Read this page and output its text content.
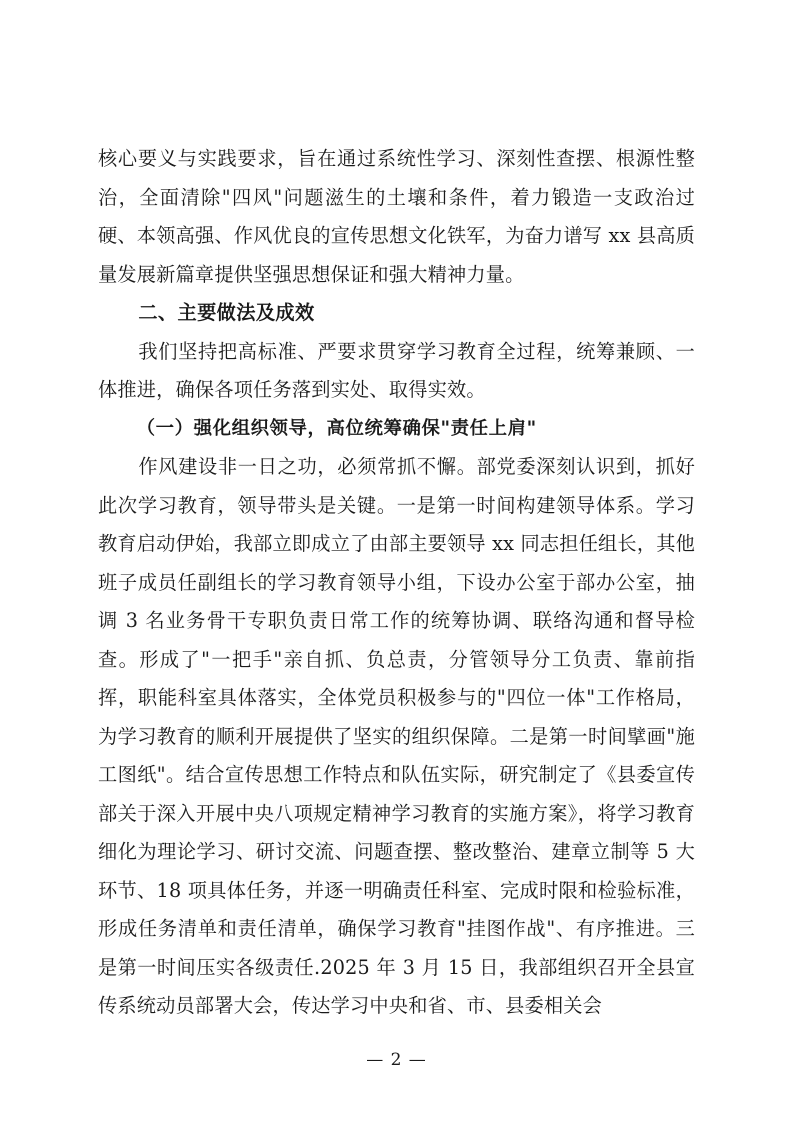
核心要义与实践要求，旨在通过系统性学习、深刻性查摆、根源性整治，全面清除"四风"问题滋生的土壤和条件，着力锻造一支政治过硬、本领高强、作风优良的宣传思想文化铁军，为奋力谱写 xx 县高质量发展新篇章提供坚强思想保证和强大精神力量。

二、主要做法及成效

我们坚持把高标准、严要求贯穿学习教育全过程，统筹兼顾、一体推进，确保各项任务落到实处、取得实效。

（一）强化组织领导，高位统筹确保"责任上肩"

作风建设非一日之功，必须常抓不懈。部党委深刻认识到，抓好此次学习教育，领导带头是关键。一是第一时间构建领导体系。学习教育启动伊始，我部立即成立了由部主要领导 xx 同志担任组长，其他班子成员任副组长的学习教育领导小组，下设办公室于部办公室，抽调 3 名业务骨干专职负责日常工作的统筹协调、联络沟通和督导检查。形成了"一把手"亲自抓、负总责，分管领导分工负责、靠前指挥，职能科室具体落实，全体党员积极参与的"四位一体"工作格局，为学习教育的顺利开展提供了坚实的组织保障。二是第一时间擘画"施工图纸"。结合宣传思想工作特点和队伍实际，研究制定了《县委宣传部关于深入开展中央八项规定精神学习教育的实施方案》，将学习教育细化为理论学习、研讨交流、问题查摆、整改整治、建章立制等 5 大环节、18 项具体任务，并逐一明确责任科室、完成时限和检验标准，形成任务清单和责任清单，确保学习教育"挂图作战"、有序推进。三是第一时间压实各级责任.2025 年 3 月 15 日，我部组织召开全县宣传系统动员部署大会，传达学习中央和省、市、县委相关会

— 2 —
